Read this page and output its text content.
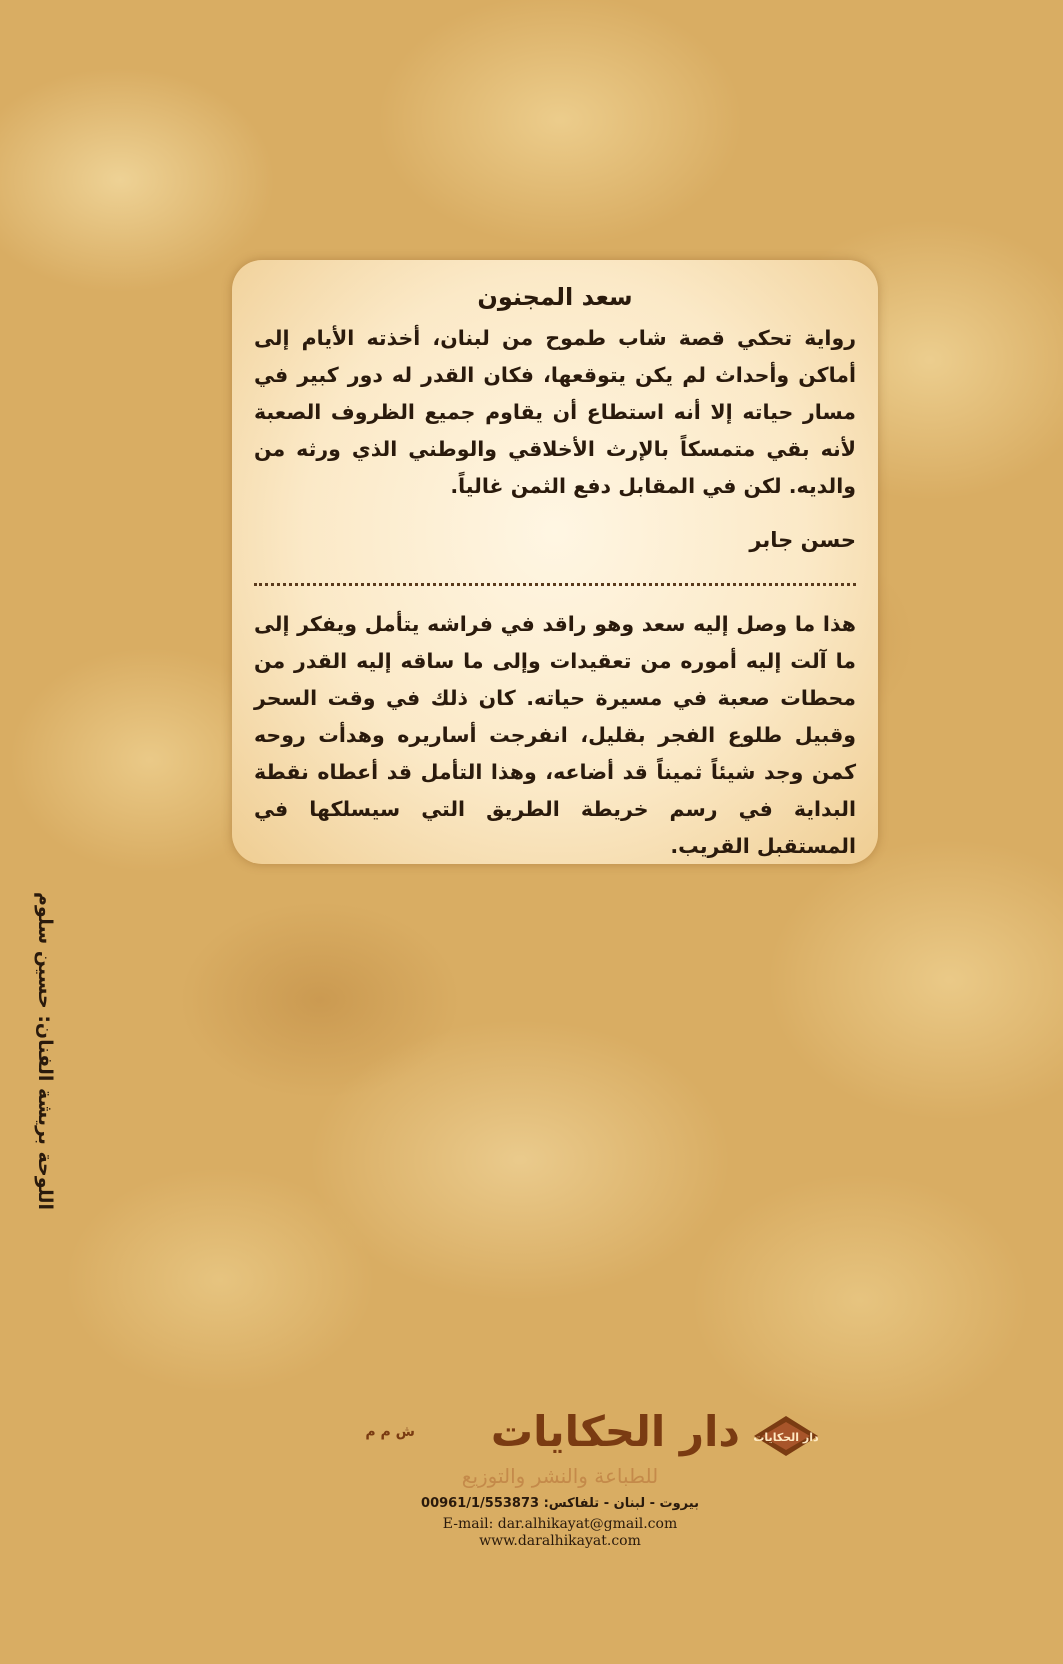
سعد المجنون

رواية تحكي قصة شاب طموح من لبنان، أخذته الأيام إلى أماكن وأحداث لم يكن يتوقعها، فكان القدر له دور كبير في مسار حياته إلا أنه استطاع أن يقاوم جميع الظروف الصعبة لأنه بقي متمسكاً بالإرث الأخلاقي والوطني الذي ورثه من والديه. لكن في المقابل دفع الثمن غالياً.

حسن جابر

هذا ما وصل إليه سعد وهو راقد في فراشه يتأمل ويفكر إلى ما آلت إليه أموره من تعقيدات وإلى ما ساقه إليه القدر من محطات صعبة في مسيرة حياته. كان ذلك في وقت السحر وقبيل طلوع الفجر بقليل، انفرجت أساريره وهدأت روحه كمن وجد شيئاً ثميناً قد أضاعه، وهذا التأمل قد أعطاه نقطة البداية في رسم خريطة الطريق التي سيسلكها في المستقبل القريب.

اللوحة بريشة الفنان: حسين سلوم
دار الحكايات
دار الحكايات
ش م م
للطباعة والنشر والتوزيع
بيروت - لبنان - تلفاكس: 00961/1/553873
E-mail: dar.alhikayat@gmail.com
www.daralhikayat.com
